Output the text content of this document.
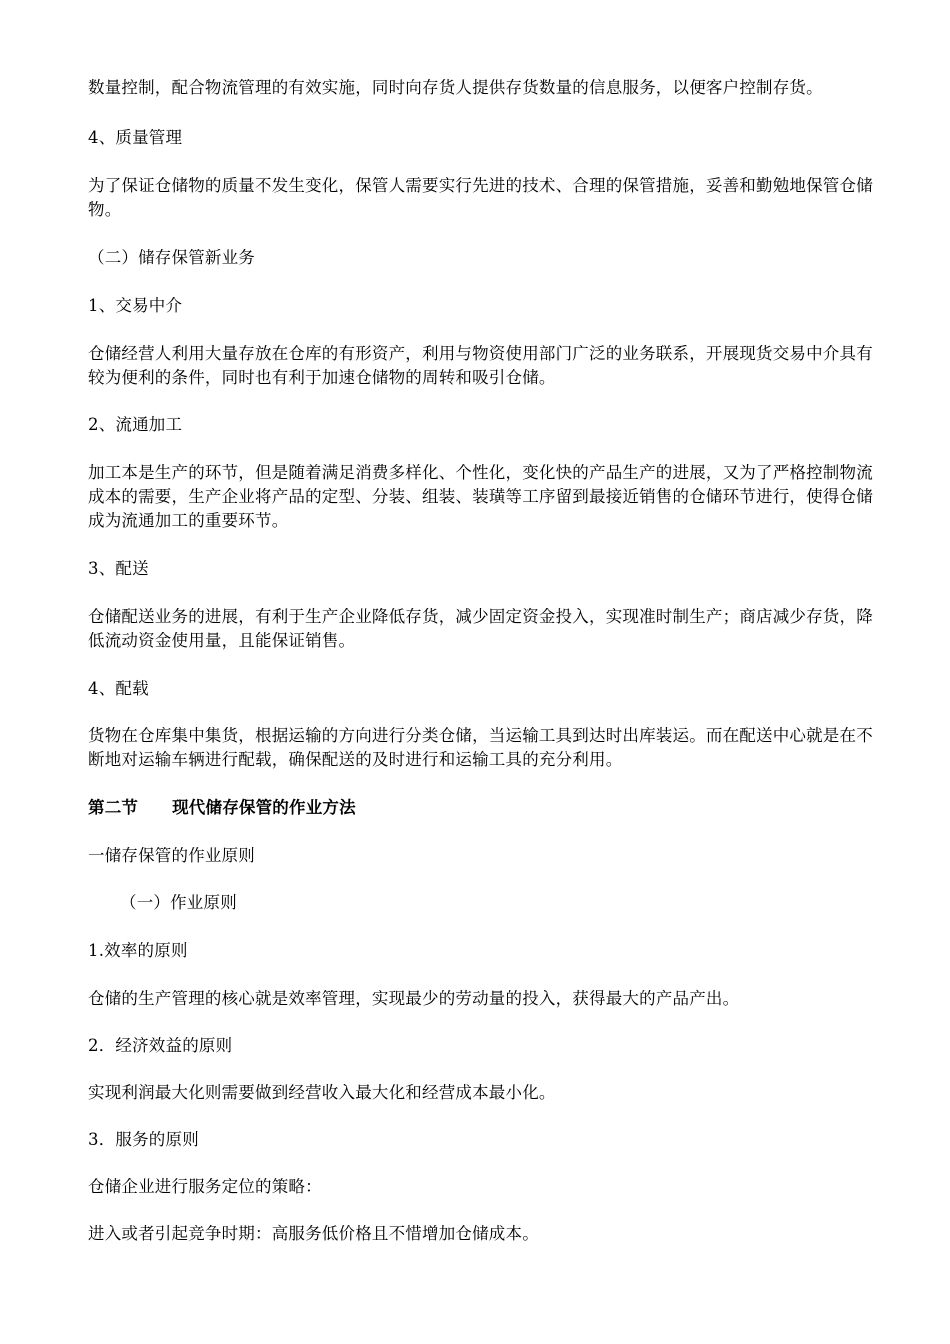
数量控制，配合物流管理的有效实施，同时向存货人提供存货数量的信息服务，以便客户控制存货。

4、质量管理

为了保证仓储物的质量不发生变化，保管人需要实行先进的技术、合理的保管措施，妥善和勤勉地保管仓储物。

（二）储存保管新业务

1、交易中介

仓储经营人利用大量存放在仓库的有形资产，利用与物资使用部门广泛的业务联系，开展现货交易中介具有较为便利的条件，同时也有利于加速仓储物的周转和吸引仓储。

2、流通加工

加工本是生产的环节，但是随着满足消费多样化、个性化，变化快的产品生产的进展，又为了严格控制物流成本的需要，生产企业将产品的定型、分装、组装、装璜等工序留到最接近销售的仓储环节进行，使得仓储成为流通加工的重要环节。

3、配送

仓储配送业务的进展，有利于生产企业降低存货，减少固定资金投入，实现准时制生产；商店减少存货，降低流动资金使用量，且能保证销售。

4、配载

货物在仓库集中集货，根据运输的方向进行分类仓储，当运输工具到达时出库装运。而在配送中心就是在不断地对运输车辆进行配载，确保配送的及时进行和运输工具的充分利用。

第二节 现代储存保管的作业方法

一储存保管的作业原则

（一）作业原则

1.效率的原则

仓储的生产管理的核心就是效率管理，实现最少的劳动量的投入，获得最大的产品产出。

2．经济效益的原则

实现利润最大化则需要做到经营收入最大化和经营成本最小化。

3．服务的原则

仓储企业进行服务定位的策略：

进入或者引起竞争时期：高服务低价格且不惜增加仓储成本。
